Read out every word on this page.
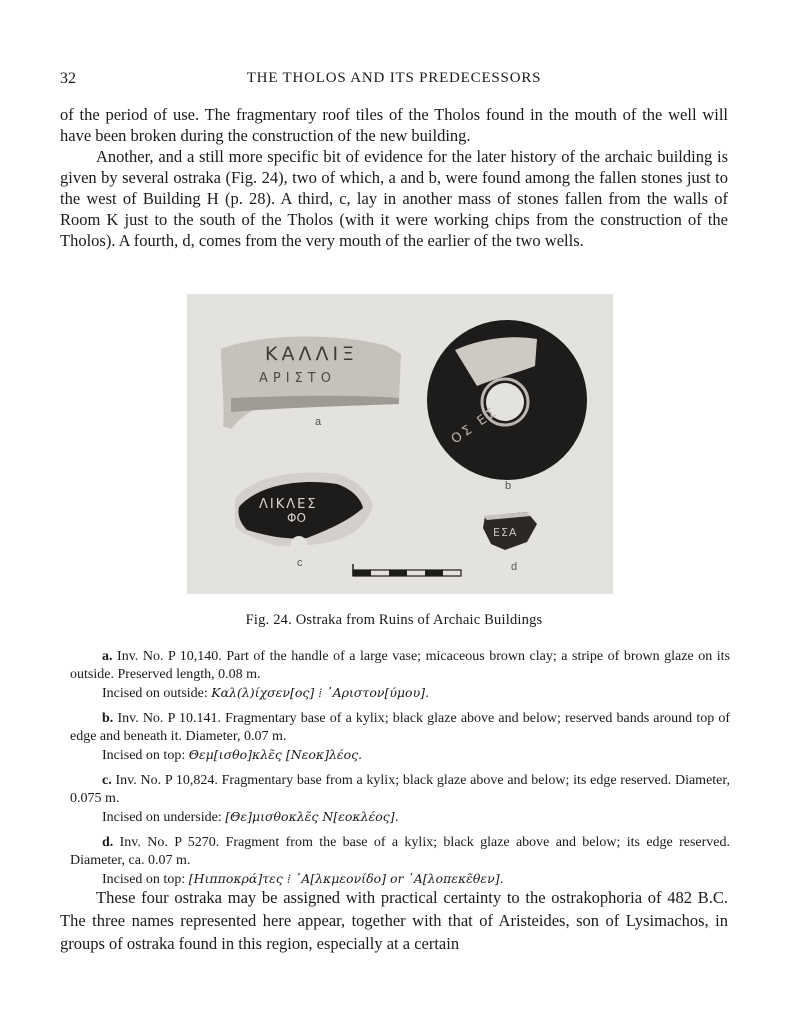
32	THE THOLOS AND ITS PREDECESSORS

of the period of use. The fragmentary roof tiles of the Tholos found in the mouth of the well will have been broken during the construction of the new building.

Another, and a still more specific bit of evidence for the later history of the archaic building is given by several ostraka (Fig. 24), two of which, a and b, were found among the fallen stones just to the west of Building H (p. 28). A third, c, lay in another mass of stones fallen from the walls of Room K just to the south of the Tholos (with it were working chips from the construction of the Tholos). A fourth, d, comes from the very mouth of the earlier of the two wells.

ΚΑΛΛΙΞ
ΑΡΙΣΤΟ
a	ΟΣ ΕΣ
b
ΛΙΚΛΕΣ
ΦΟ
c
ΕΣΑ
d
Fig. 24. Ostraka from Ruins of Archaic Buildings
a. Inv. No. P 10,140. Part of the handle of a large vase; micaceous brown clay; a stripe of brown glaze on its outside. Preserved length, 0.08 m.
Incised on outside: Καλ(λ)ίχσεν[ος] ⁞ ᾿Αριστον[ύμου].
b. Inv. No. P 10.141. Fragmentary base of a kylix; black glaze above and below; reserved bands around top of edge and beneath it. Diameter, 0.07 m.
Incised on top: Θεμ[ισθο]κλε̃ς [Νεοκ]λέος.
c. Inv. No. P 10,824. Fragmentary base from a kylix; black glaze above and below; its edge reserved. Diameter, 0.075 m.
Incised on underside: [Θε]μισθοκλε̃ς Ν[εοκλέος].
d. Inv. No. P 5270. Fragment from the base of a kylix; black glaze above and below; its edge reserved. Diameter, ca. 0.07 m.
Incised on top: [Ηιπποκρά]τες ⁞ ᾿Α[λκμεονίδο] or ᾿Α[λοπεκε̃θεν].

These four ostraka may be assigned with practical certainty to the ostrakophoria of 482 B.C. The three names represented here appear, together with that of Aristeides, son of Lysimachos, in groups of ostraka found in this region, especially at a certain
